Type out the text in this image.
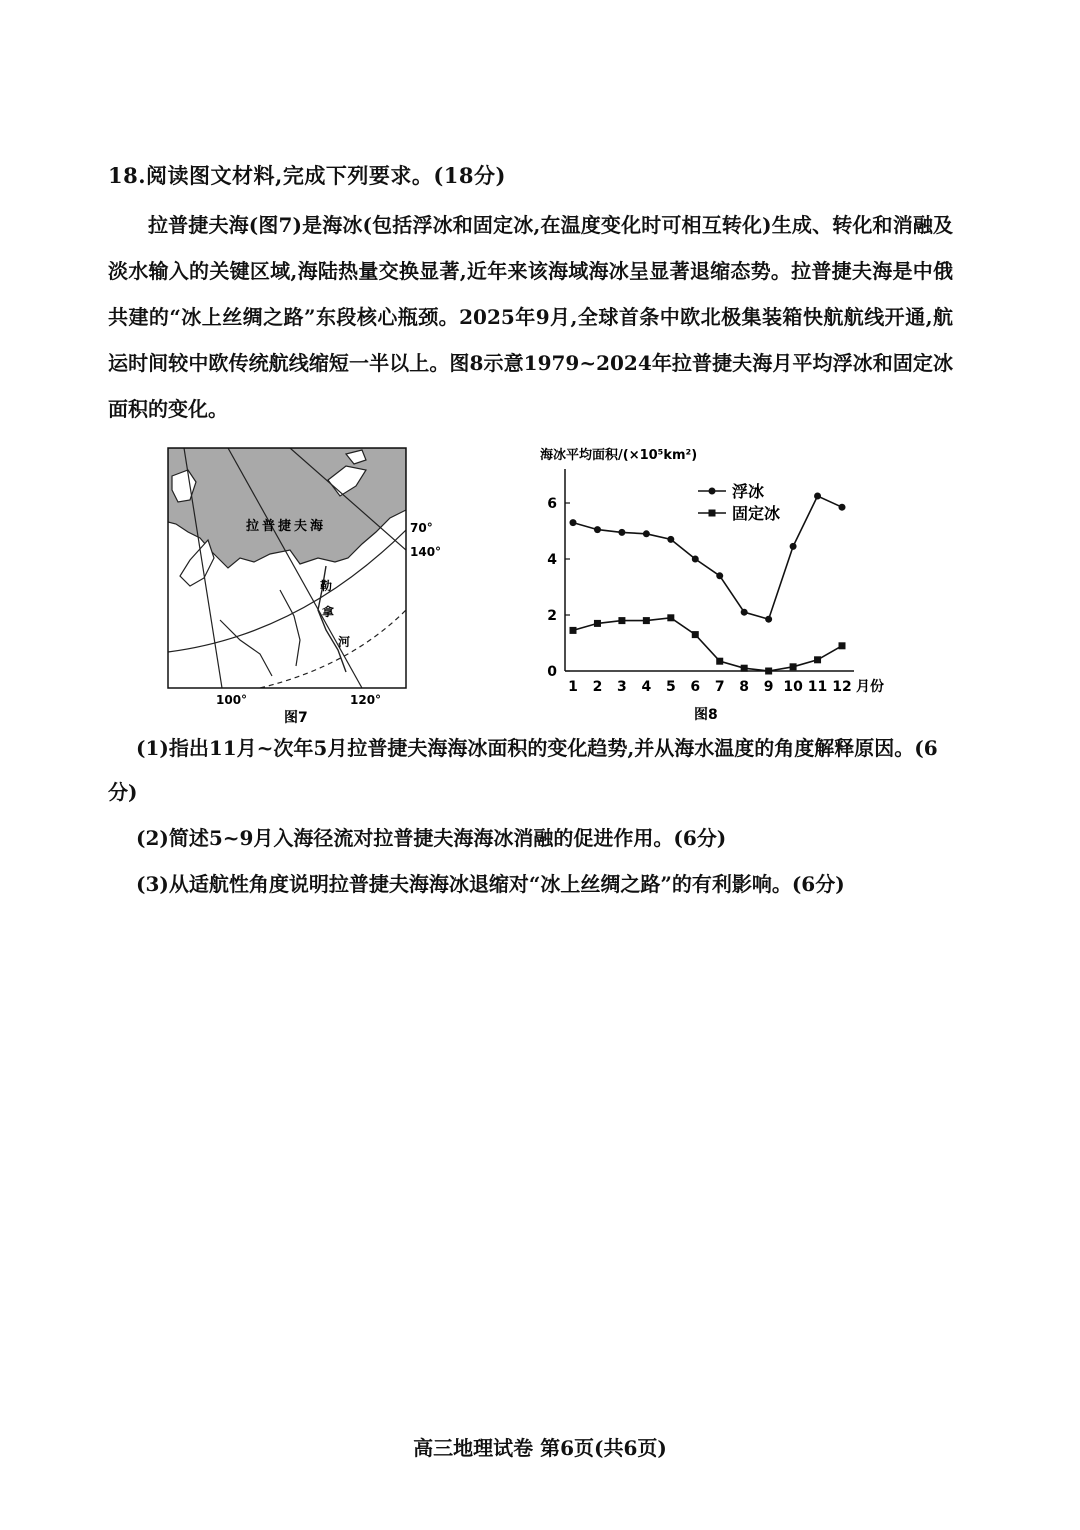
18.阅读图文材料,完成下列要求。(18分)
拉普捷夫海(图7)是海冰(包括浮冰和固定冰,在温度变化时可相互转化)生成、转化和消融及淡水输入的关键区域,海陆热量交换显著,近年来该海域海冰呈显著退缩态势。拉普捷夫海是中俄共建的“冰上丝绸之路”东段核心瓶颈。2025年9月,全球首条中欧北极集装箱快航航线开通,航运时间较中欧传统航线缩短一半以上。图8示意1979~2024年拉普捷夫海月平均浮冰和固定冰面积的变化。
拉普捷夫海
勒
拿
河
70°
140°
100°	120°
图7
海冰平均面积/(×10⁵km²)
0
2
4
6
1 2 3 4 5 6 7 8 9 10 11 12
浮冰
固定冰
月份
图8
(1)指出11月~次年5月拉普捷夫海海冰面积的变化趋势,并从海水温度的角度解释原因。(6分)
(2)简述5~9月入海径流对拉普捷夫海海冰消融的促进作用。(6分)
(3)从适航性角度说明拉普捷夫海海冰退缩对“冰上丝绸之路”的有利影响。(6分)
高三地理试卷 第6页(共6页)
